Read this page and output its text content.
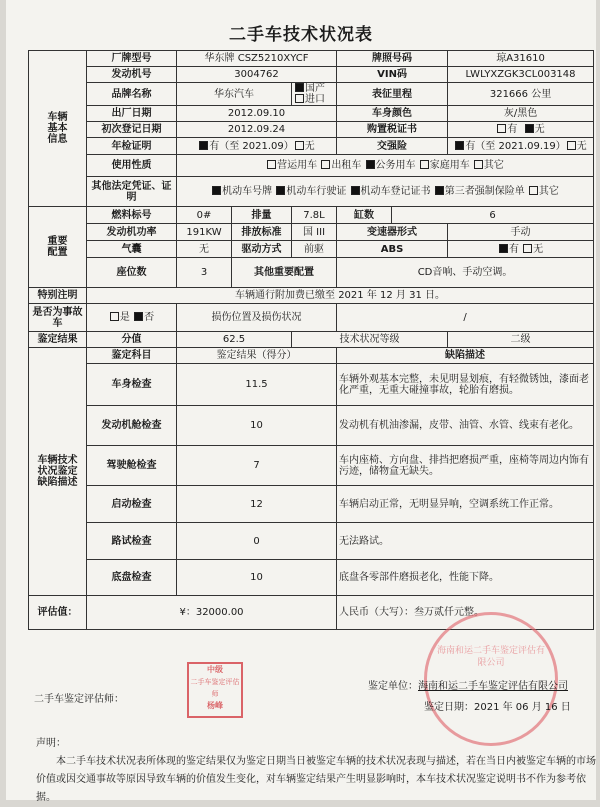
二手车技术状况表
车辆
基本
信息	厂牌型号	华东牌 CSZ5210XYCF			牌照号码		琼A31610
	发动机号	3004762			VIN码		LWLYXZGK3CL003148
	品牌名称	华东汽车		国产进口	表征里程		321666 公里
	出厂日期	2012.09.10			车身颜色		灰/黑色
	初次登记日期	2012.09.24			购置税证书		有 无
	年检证明	有（至 2021.09） 无			交强险		有（至 2021.09.19） 无
	使用性质	营运用车 出租车 公务用车 家庭用车 其它					
	其他法定凭证、证明	机动车号牌 机动车行驶证 机动车登记证书 第三者强制保险单 其它					
重要
配置	燃料标号	0#	排量	7.8L	缸数	6	
	发动机功率	191KW	排放标准	国 III	变速器形式		手动
	气囊	无	驱动方式	前驱	ABS		有 无
	座位数	3	其他重要配置		CD音响、手动空调。		
特别注明	车辆通行附加费已缴至 2021 年 12 月 31 日。						
是否为事故车	是 否	损伤位置及损伤状况			/		
鉴定结果	分值	62.5		技术状况等级			二级
车辆技术
状况鉴定
缺陷描述	鉴定科目	鉴定结果（得分）			缺陷描述		
	车身检查	11.5			车辆外观基本完整，未见明显划痕，有轻微锈蚀，漆面老化严重，无重大碰撞事故，轮胎有磨损。		
	发动机舱检查	10			发动机有机油渗漏，皮带、油管、水管、线束有老化。		
	驾驶舱检查	7			车内座椅、方向盘、排挡把磨损严重，座椅等周边内饰有污迹，储物盒无缺失。		
	启动检查	12			车辆启动正常，无明显异响，空调系统工作正常。		
	路试检查	0			无法路试。		
	底盘检查	10			底盘各零部件磨损老化，性能下降。		
评估值：	¥：32000.00				人民币（大写）：叁万贰仟元整。		
中级
二手车鉴定评估师
杨峰
海南和运二手车鉴定评估有限公司
二手车鉴定评估师：
鉴定单位：海南和运二手车鉴定评估有限公司
鉴定日期：2021 年 06 月 16 日
声明：
本二手车技术状况表所体现的鉴定结果仅为鉴定日期当日被鉴定车辆的技术状况表现与描述，若在当日内被鉴定车辆的市场价值或因交通事故等原因导致车辆的价值发生变化，对车辆鉴定结果产生明显影响时，本车技术状况鉴定说明书不作为参考依据。
